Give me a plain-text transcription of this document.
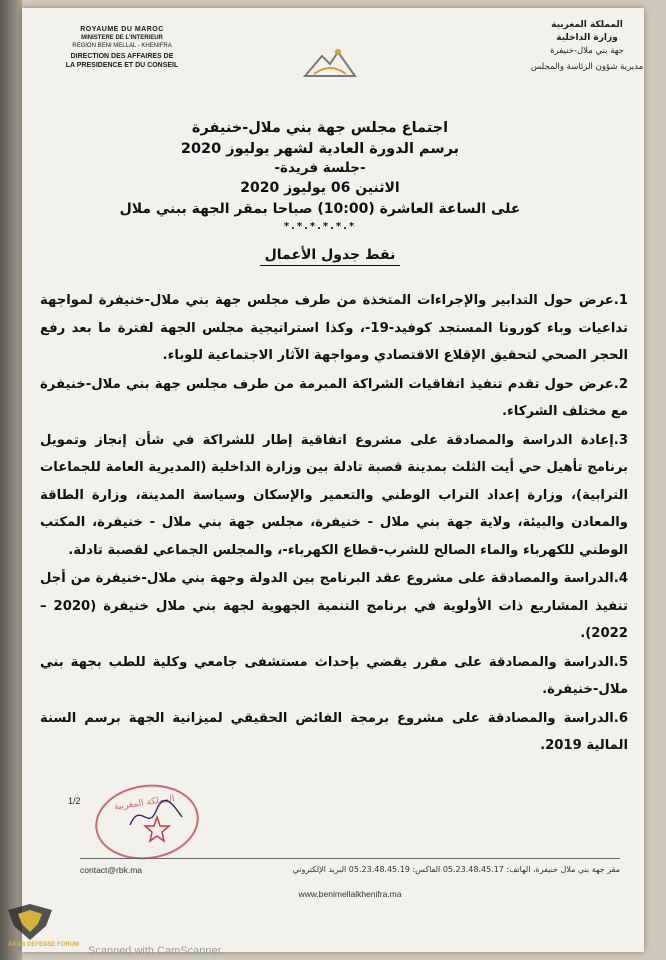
ROYAUME DU MAROC
MINISTERE DE L'INTERIEUR
REGION BENI MELLAL - KHENIFRA
DIRECTION DES AFFAIRES DE
LA PRESIDENCE ET DU CONSEIL
المملكة المغربية
وزارة الداخلية
جهة بني ملال-خنيفرة
مديرية شؤون الرئاسة والمجلس
اجتماع مجلس جهة بني ملال-خنيفرة
برسم الدورة العادية لشهر يوليوز 2020
-جلسة فريدة-
الاثنين 06 يوليوز 2020
على الساعة العاشرة (10:00) صباحا بمقر الجهة ببني ملال
*.*.*.*.*.*
نقط جدول الأعمال
1.عرض حول التدابير والإجراءات المتخذة من طرف مجلس جهة بني ملال-خنيفرة لمواجهة تداعيات وباء كورونا المستجد كوفيد-19-، وكذا استراتيجية مجلس الجهة لفترة ما بعد رفع الحجر الصحي لتحقيق الإقلاع الاقتصادي ومواجهة الآثار الاجتماعية للوباء.
2.عرض حول تقدم تنفيذ اتفاقيات الشراكة المبرمة من طرف مجلس جهة بني ملال-خنيفرة مع مختلف الشركاء.
3.إعادة الدراسة والمصادقة على مشروع اتفاقية إطار للشراكة في شأن إنجاز وتمويل برنامج تأهيل حي أيت الثلث بمدينة قصبة تادلة بين وزارة الداخلية (المديرية العامة للجماعات الترابية)، وزارة إعداد التراب الوطني والتعمير والإسكان وسياسة المدينة، وزارة الطاقة والمعادن والبيئة، ولاية جهة بني ملال - خنيفرة، مجلس جهة بني ملال - خنيفرة، المكتب الوطني للكهرباء والماء الصالح للشرب-قطاع الكهرباء-، والمجلس الجماعي لقصبة تادلة.
4.الدراسة والمصادقة على مشروع عقد البرنامج بين الدولة وجهة بني ملال-خنيفرة من أجل تنفيذ المشاريع ذات الأولوية في برنامج التنمية الجهوية لجهة بني ملال خنيفرة (2020 – 2022).
5.الدراسة والمصادقة على مقرر يقضي بإحداث مستشفى جامعي وكلية للطب بجهة بني ملال-خنيفرة.
6.الدراسة والمصادقة على مشروع برمجة الفائض الحقيقي لميزانية الجهة برسم السنة المالية 2019.
1/2	المملكة المغربية
contact@rbk.ma	مقر جهة بني ملال خنيفرة، الهاتف: 05.23.48.45.17 الفاكس: 05.23.48.45.19 البريد الإلكتروني
www.benimellalkhenifra.ma
ARAB DEFENSE FORUM Scanned with CamScanner
